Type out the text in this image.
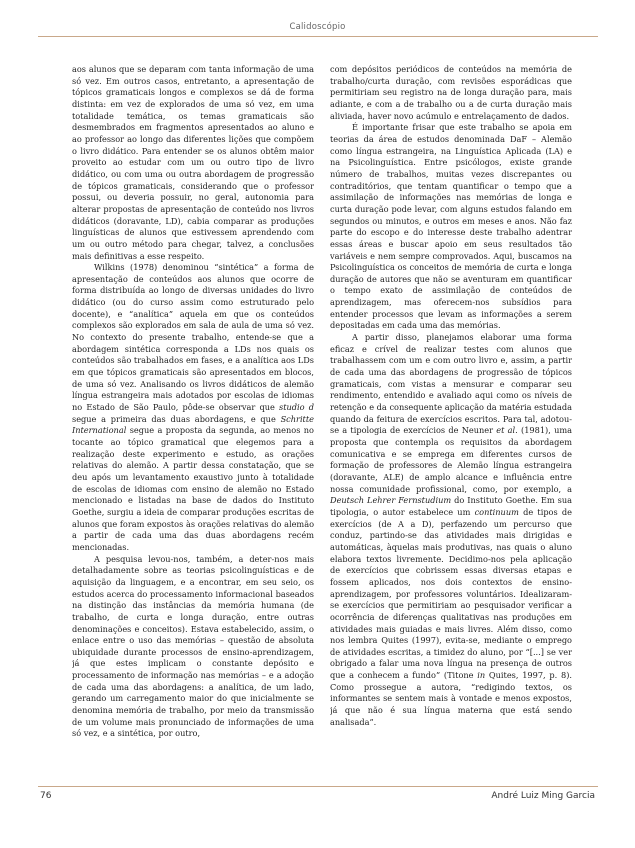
Calidoscópio

aos alunos que se deparam com tanta informação de uma só vez. Em outros casos, entretanto, a apresentação de tópicos gramaticais longos e complexos se dá de forma distinta: em vez de explorados de uma só vez, em uma totalidade temática, os temas gramaticais são desmembrados em fragmentos apresentados ao aluno e ao professor ao longo das diferentes lições que compõem o livro didático. Para entender se os alunos obtêm maior proveito ao estudar com um ou outro tipo de livro didático, ou com uma ou outra abordagem de progressão de tópicos gramaticais, considerando que o professor possui, ou deveria possuir, no geral, autonomia para alterar propostas de apresentação de conteúdo nos livros didáticos (doravante, LD), cabia comparar as produções linguísticas de alunos que estivessem aprendendo com um ou outro método para chegar, talvez, a conclusões mais definitivas a esse respeito.

Wilkins (1978) denominou “sintética” a forma de apresentação de conteúdos aos alunos que ocorre de forma distribuída ao longo de diversas unidades do livro didático (ou do curso assim como estruturado pelo docente), e “analítica” aquela em que os conteúdos complexos são explorados em sala de aula de uma só vez. No contexto do presente trabalho, entende-se que a abordagem sintética corresponda a LDs nos quais os conteúdos são trabalhados em fases, e a analítica aos LDs em que tópicos gramaticais são apresentados em blocos, de uma só vez. Analisando os livros didáticos de alemão língua estrangeira mais adotados por escolas de idiomas no Estado de São Paulo, pôde-se observar que studio d segue a primeira das duas abordagens, e que Schritte International segue a proposta da segunda, ao menos no tocante ao tópico gramatical que elegemos para a realização deste experimento e estudo, as orações relativas do alemão. A partir dessa constatação, que se deu após um levantamento exaustivo junto à totalidade de escolas de idiomas com ensino de alemão no Estado mencionado e listadas na base de dados do Instituto Goethe, surgiu a ideia de comparar produções escritas de alunos que foram expostos às orações relativas do alemão a partir de cada uma das duas abordagens recém mencionadas.

A pesquisa levou-nos, também, a deter-nos mais detalhadamente sobre as teorias psicolinguísticas e de aquisição da linguagem, e a encontrar, em seu seio, os estudos acerca do processamento informacional baseados na distinção das instâncias da memória humana (de trabalho, de curta e longa duração, entre outras denominações e conceitos). Estava estabelecido, assim, o enlace entre o uso das memórias – questão de absoluta ubiquidade durante processos de ensino-aprendizagem, já que estes implicam o constante depósito e processamento de informação nas memórias – e a adoção de cada uma das abordagens: a analítica, de um lado, gerando um carregamento maior do que inicialmente se denomina memória de trabalho, por meio da transmissão de um volume mais pronunciado de informações de uma só vez, e a sintética, por outro,

com depósitos periódicos de conteúdos na memória de trabalho/curta duração, com revisões esporádicas que permitiriam seu registro na de longa duração para, mais adiante, e com a de trabalho ou a de curta duração mais aliviada, haver novo acúmulo e entrelaçamento de dados.

É importante frisar que este trabalho se apoia em teorias da área de estudos denominada DaF – Alemão como língua estrangeira, na Linguística Aplicada (LA) e na Psicolinguística. Entre psicólogos, existe grande número de trabalhos, muitas vezes discrepantes ou contraditórios, que tentam quantificar o tempo que a assimilação de informações nas memórias de longa e curta duração pode levar, com alguns estudos falando em segundos ou minutos, e outros em meses e anos. Não faz parte do escopo e do interesse deste trabalho adentrar essas áreas e buscar apoio em seus resultados tão variáveis e nem sempre comprovados. Aqui, buscamos na Psicolinguística os conceitos de memória de curta e longa duração de autores que não se aventuram em quantificar o tempo exato de assimilação de conteúdos de aprendizagem, mas oferecem-nos subsídios para entender processos que levam as informações a serem depositadas em cada uma das memórias.

A partir disso, planejamos elaborar uma forma eficaz e crível de realizar testes com alunos que trabalhassem com um e com outro livro e, assim, a partir de cada uma das abordagens de progressão de tópicos gramaticais, com vistas a mensurar e comparar seu rendimento, entendido e avaliado aqui como os níveis de retenção e da consequente aplicação da matéria estudada quando da feitura de exercícios escritos. Para tal, adotou-se a tipologia de exercícios de Neuner et al. (1981), uma proposta que contempla os requisitos da abordagem comunicativa e se emprega em diferentes cursos de formação de professores de Alemão língua estrangeira (doravante, ALE) de amplo alcance e influência entre nossa comunidade profissional, como, por exemplo, a Deutsch Lehrer Fernstudium do Instituto Goethe. Em sua tipologia, o autor estabelece um continuum de tipos de exercícios (de A a D), perfazendo um percurso que conduz, partindo-se das atividades mais dirigidas e automáticas, àquelas mais produtivas, nas quais o aluno elabora textos livremente. Decidimo-nos pela aplicação de exercícios que cobrissem essas diversas etapas e fossem aplicados, nos dois contextos de ensino-aprendizagem, por professores voluntários. Idealizaram-se exercícios que permitiriam ao pesquisador verificar a ocorrência de diferenças qualitativas nas produções em atividades mais guiadas e mais livres. Além disso, como nos lembra Quites (1997), evita-se, mediante o emprego de atividades escritas, a timidez do aluno, por “[...] se ver obrigado a falar uma nova língua na presença de outros que a conhecem a fundo” (Titone in Quites, 1997, p. 8). Como prossegue a autora, “redigindo textos, os informantes se sentem mais à vontade e menos expostos, já que não é sua língua materna que está sendo analisada”.

76	André Luiz Ming Garcia
